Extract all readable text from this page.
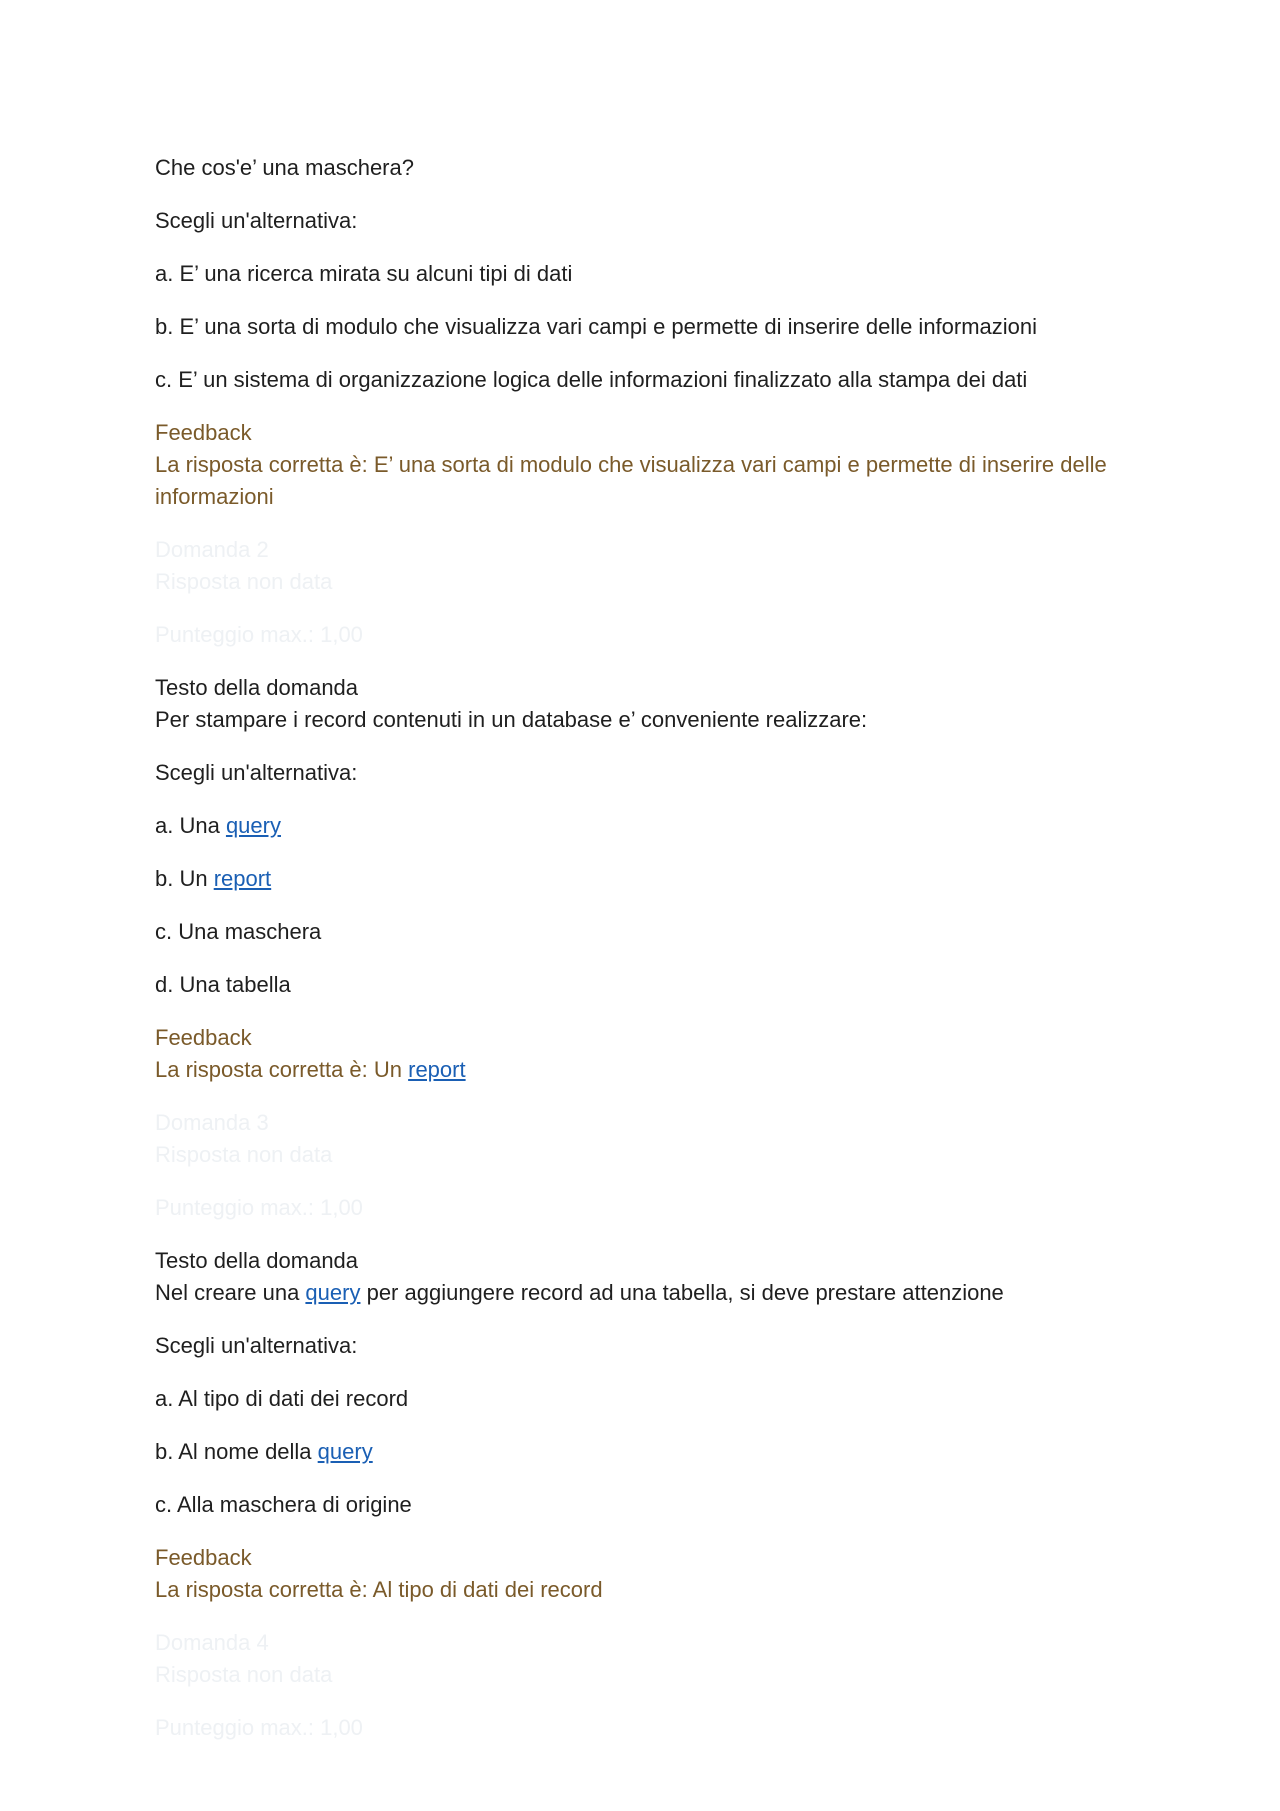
Che cos'e’ una maschera?
Scegli un'alternativa:
a. E’ una ricerca mirata su alcuni tipi di dati
b. E’ una sorta di modulo che visualizza vari campi e permette di inserire delle informazioni
c. E’ un sistema di organizzazione logica delle informazioni finalizzato alla stampa dei dati
Feedback
La risposta corretta è: E’ una sorta di modulo che visualizza vari campi e permette di inserire delle informazioni
Domanda 2
Risposta non data
Punteggio max.: 1,00
Testo della domanda
Per stampare i record contenuti in un database e’ conveniente realizzare:
Scegli un'alternativa:
a. Una query
b. Un report
c. Una maschera
d. Una tabella
Feedback
La risposta corretta è: Un report
Domanda 3
Risposta non data
Punteggio max.: 1,00
Testo della domanda
Nel creare una query per aggiungere record ad una tabella, si deve prestare attenzione
Scegli un'alternativa:
a. Al tipo di dati dei record
b. Al nome della query
c. Alla maschera di origine
Feedback
La risposta corretta è: Al tipo di dati dei record
Domanda 4
Risposta non data
Punteggio max.: 1,00
